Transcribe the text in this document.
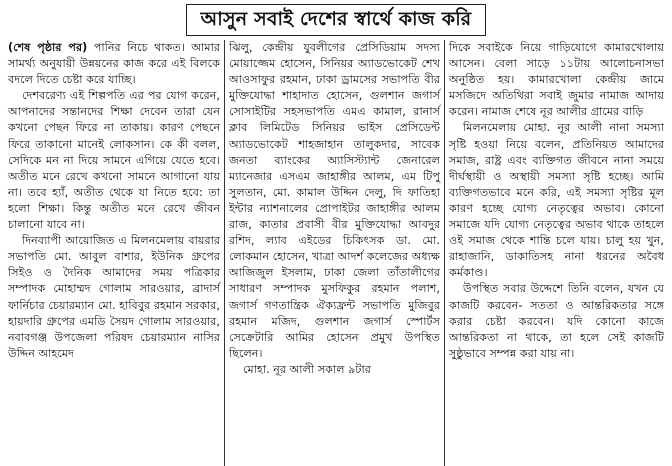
আসুন সবাই দেশের স্বার্থে কাজ করি

(শেষ পৃষ্ঠার পর) পানির নিচে থাকত। আমার সামর্থ্য অনুযায়ী উন্নয়নের কাজ করে এই বিলকে বদলে দিতে চেষ্টা করে যাচ্ছি।

দেশবরেণ্য এই শিল্পপতি এর পর যোগ করেন, আপনাদের সন্তানদের শিক্ষা দেবেন তারা যেন কখনো পেছন ফিরে না তাকায়। কারণ পেছনে ফিরে তাকানো মানেই লোকসান। কে কী বলল, সেদিকে মন না দিয়ে সামনে এগিয়ে যেতে হবে। অতীত মনে রেখে কখনো সামনে আগানো যায় না। তবে হ্যাঁ, অতীত থেকে যা নিতে হবে: তা হলো শিক্ষা। কিন্তু অতীত মনে রেখে জীবন চালানো যাবে না।

দিনব্যাপী আয়োজিত এ মিলনমেলায় বায়রার সভাপতি মো. আবুল বাশার, ইউনিক গ্রুপের সিইও ও দৈনিক আমাদের সময় পত্রিকার সম্পাদক মোহাম্মদ গোলাম সারওয়ার, ব্রাদার্স ফার্নিচার চেয়ারম্যান মো. হাবিবুর রহমান সরকার, হায়দারি গ্রুপের এমডি সৈয়দ গোলাম সারওয়ার, নবাবগঞ্জ উপজেলা পরিষদ চেয়ারম্যান নাসির উদ্দিন আহমেদ

ঝিলু, কেন্দ্রীয় যুবলীগের প্রেসিডিয়াম সদস্য মোয়াজ্জেম হোসেন, সিনিয়র অ্যাডভোকেট শেখ আওসাফুর রহমান, ঢাকা ড্রামসের সভাপতি বীর মুক্তিযোদ্ধা শাহাদাত হোসেন, গুলশান জগার্স সোসাইটির সহসভাপতি এমএ কামাল, রানার্স ক্লাব লিমিটেড সিনিয়র ভাইস প্রেসিডেন্ট অ্যাডভোকেট শাহজাহান তালুকদার, সাবেক জনতা ব্যাংকের অ্যাসিস্ট্যান্ট জেনারেল ম্যানেজার এসএম জাহাঙ্গীর আলম, এম টিপু সুলতান, মো. কামাল উদ্দিন দেলু, দি ফাতিহা ইন্টার ন্যাশনালের প্রোপাইটর জাহাঙ্গীর আলম রাজ, কাতার প্রবাসী বীর মুক্তিযোদ্ধা আবদুর রশিদ, ল্যাব এইডের চিকিৎসক ডা. মো. লোকমান হোসেন, খাত্রা আদর্শ কলেজের অধ্যক্ষ আজিজুল ইসলাম, ঢাকা জেলা তাঁতালীগের সাধারণ সম্পাদক মুসফিকুর রহমান পলাশ, জগার্স গণতান্ত্রিক ঐক্যফ্রন্ট সভাপতি মুজিবুর রহমান মজিদ, গুলশান জগার্স স্পোর্টস সেক্রেটারি আমির হোসেন প্রমুখ উপস্থিত ছিলেন।

মোহা. নূর আলী সকাল ৯টার

দিকে সবাইকে নিয়ে গাড়িযোগে কামারখোলায় আসেন। বেলা সাড়ে ১১টায় আলোচনাসভা অনুষ্ঠিত হয়। কামারখোলা কেন্দ্রীয় জামে মসজিদে অতিথিরা সবাই জুমার নামাজ আদায় করেন। নামাজ শেষে নূর আলীর গ্রামের বাড়ি

মিলনমেলায় মোহা. নূর আলী নানা সমস্যা সৃষ্টি হওয়া নিয়ে বলেন, প্রতিনিয়ত আমাদের সমাজ, রাষ্ট্র এবং ব্যক্তিগত জীবনে নানা সময়ে দীর্ঘস্থায়ী ও অস্থায়ী সমস্যা সৃষ্টি হচ্ছে। আমি ব্যক্তিগতভাবে মনে করি, এই সমস্যা সৃষ্টির মূল কারণ হচ্ছে যোগ্য নেতৃত্বের অভাব। কোনো সমাজে যদি যোগ্য নেতৃত্বের অভাব থাকে তাহলে ওই সমাজ থেকে শান্তি চলে যায়। চালু হয় খুন, রাহাজানি, ডাকাতিসহ নানা ধরনের অবৈধ কর্মকাণ্ড।

উপস্থিত সবার উদ্দেশে তিনি বলেন, যখন যে কাজটি করবেন- সততা ও আন্তরিকতার সঙ্গে করার চেষ্টা করবেন। যদি কোনো কাজে আন্তরিকতা না থাকে, তা হলে সেই কাজটি সুষ্ঠুভাবে সম্পন্ন করা যায় না।
